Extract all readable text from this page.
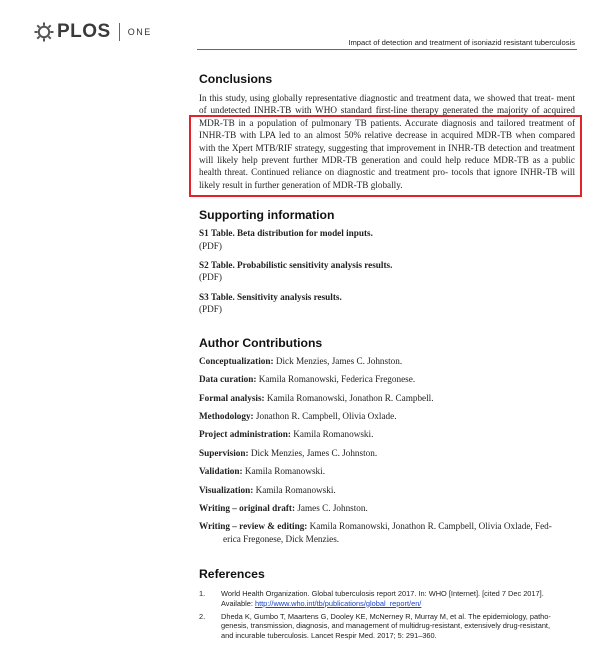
PLOS ONE
Impact of detection and treatment of isoniazid resistant tuberculosis
Conclusions

In this study, using globally representative diagnostic and treatment data, we showed that treat- ment of undetected INHR-TB with WHO standard first-line therapy generated the majority of acquired MDR-TB in a population of pulmonary TB patients. Accurate diagnosis and tailored treatment of INHR-TB with LPA led to an almost 50% relative decrease in acquired MDR-TB when compared with the Xpert MTB/RIF strategy, suggesting that improvement in INHR-TB detection and treatment will likely help prevent further MDR-TB generation and could help reduce MDR-TB as a public health threat. Continued reliance on diagnostic and treatment pro- tocols that ignore INHR-TB will likely result in further generation of MDR-TB globally.

Supporting information
S1 Table. Beta distribution for model inputs.
(PDF)
S2 Table. Probabilistic sensitivity analysis results.
(PDF)
S3 Table. Sensitivity analysis results.
(PDF)
Author Contributions
Conceptualization: Dick Menzies, James C. Johnston.
Data curation: Kamila Romanowski, Federica Fregonese.
Formal analysis: Kamila Romanowski, Jonathon R. Campbell.
Methodology: Jonathon R. Campbell, Olivia Oxlade.
Project administration: Kamila Romanowski.
Supervision: Dick Menzies, James C. Johnston.
Validation: Kamila Romanowski.
Visualization: Kamila Romanowski.
Writing – original draft: James C. Johnston.
Writing – review & editing: Kamila Romanowski, Jonathon R. Campbell, Olivia Oxlade, Fed-
erica Fregonese, Dick Menzies.
References
1.	World Health Organization. Global tuberculosis report 2017. In: WHO [Internet]. [cited 7 Dec 2017].
Available: http://www.who.int/tb/publications/global_report/en/
2.	Dheda K, Gumbo T, Maartens G, Dooley KE, McNerney R, Murray M, et al. The epidemiology, patho-
genesis, transmission, diagnosis, and management of multidrug-resistant, extensively drug-resistant,
and incurable tuberculosis. Lancet Respir Med. 2017; 5: 291–360.
